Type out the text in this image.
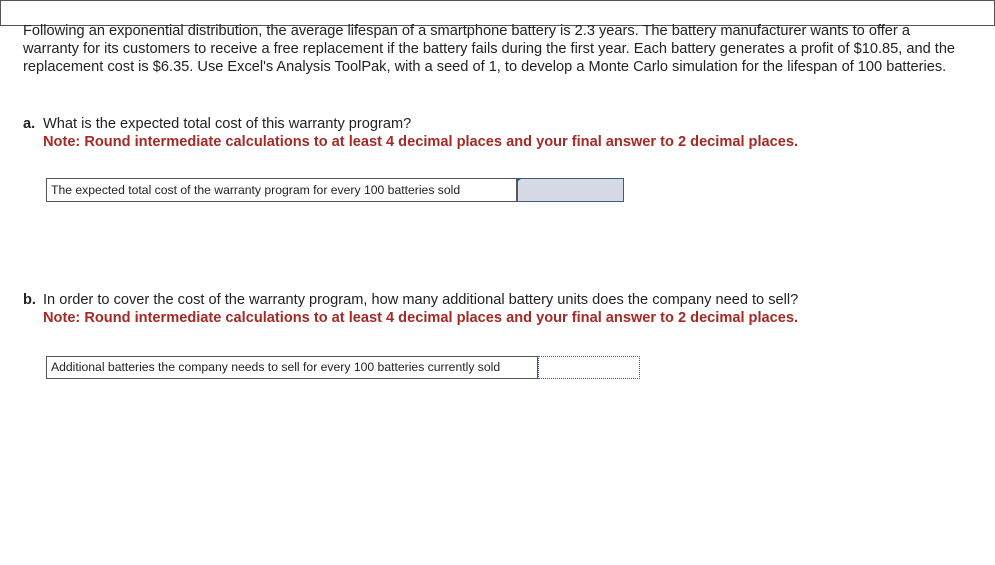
Following an exponential distribution, the average lifespan of a smartphone battery is 2.3 years. The battery manufacturer wants to offer a warranty for its customers to receive a free replacement if the battery fails during the first year. Each battery generates a profit of $10.85, and the replacement cost is $6.35. Use Excel's Analysis ToolPak, with a seed of 1, to develop a Monte Carlo simulation for the lifespan of 100 batteries.

a. What is the expected total cost of this warranty program?
Note: Round intermediate calculations to at least 4 decimal places and your final answer to 2 decimal places.
The expected total cost of the warranty program for every 100 batteries sold
b. In order to cover the cost of the warranty program, how many additional battery units does the company need to sell?
Note: Round intermediate calculations to at least 4 decimal places and your final answer to 2 decimal places.
Additional batteries the company needs to sell for every 100 batteries currently sold
